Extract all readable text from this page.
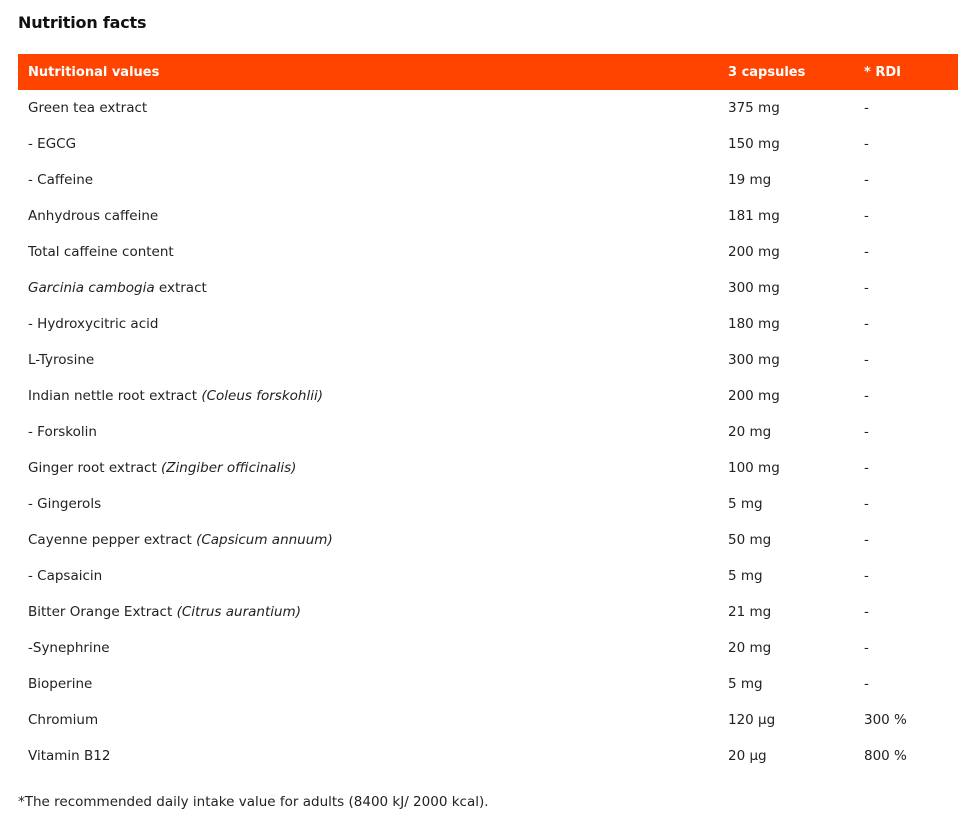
Nutrition facts
Nutritional values	3 capsules	* RDI
Green tea extract	375 mg	-
- EGCG	150 mg	-
- Caffeine	19 mg	-
Anhydrous caffeine	181 mg	-
Total caffeine content	200 mg	-
Garcinia cambogia extract	300 mg	-
- Hydroxycitric acid	180 mg	-
L-Tyrosine	300 mg	-
Indian nettle root extract (Coleus forskohlii)	200 mg	-
- Forskolin	20 mg	-
Ginger root extract (Zingiber officinalis)	100 mg	-
- Gingerols	5 mg	-
Cayenne pepper extract (Capsicum annuum)	50 mg	-
- Capsaicin	5 mg	-
Bitter Orange Extract (Citrus aurantium)	21 mg	-
-Synephrine	20 mg	-
Bioperine	5 mg	-
Chromium	120 µg	300 %
Vitamin B12	20 µg	800 %

*The recommended daily intake value for adults (8400 kJ/ 2000 kcal).
